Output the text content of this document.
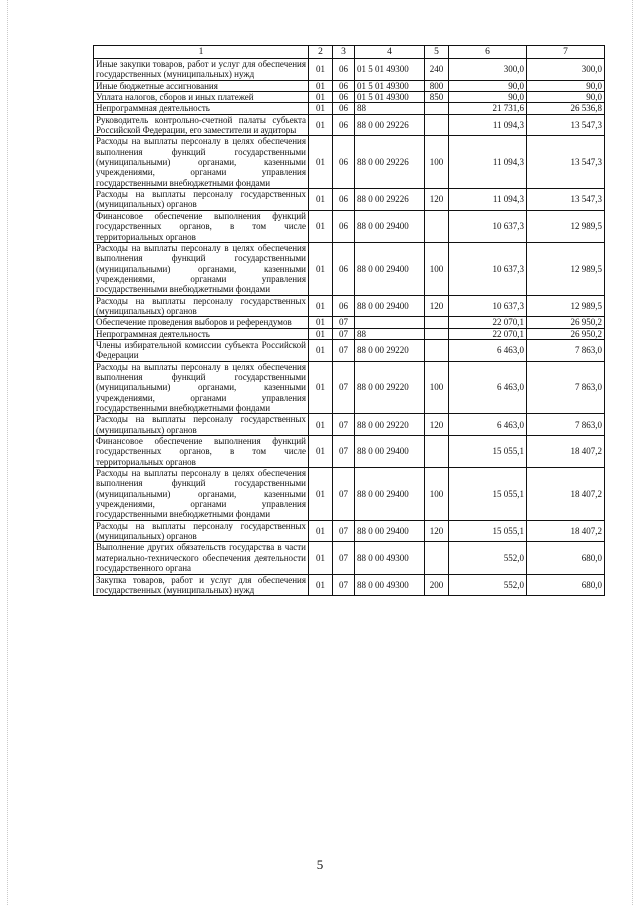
1	2	3	4	5	6	7
Иные закупки товаров, работ и услуг для обеспечения государственных (муниципальных) нужд	01	06	01 5 01 49300	240	300,0	300,0
Иные бюджетные ассигнования	01	06	01 5 01 49300	800	90,0	90,0
Уплата налогов, сборов и иных платежей	01	06	01 5 01 49300	850	90,0	90,0
Непрограммная деятельность	01	06	88		21 731,6	26 536,8
Руководитель контрольно-счетной палаты субъекта Российской Федерации, его заместители и аудиторы	01	06	88 0 00 29226		11 094,3	13 547,3
Расходы на выплаты персоналу в целях обеспечения выполнения функций государственными (муниципальными) органами, казенными учреждениями, органами управления государственными внебюджетными фондами	01	06	88 0 00 29226	100	11 094,3	13 547,3
Расходы на выплаты персоналу государственных (муниципальных) органов	01	06	88 0 00 29226	120	11 094,3	13 547,3
Финансовое обеспечение выполнения функций государственных органов, в том числе территориальных органов	01	06	88 0 00 29400		10 637,3	12 989,5
Расходы на выплаты персоналу в целях обеспечения выполнения функций государственными (муниципальными) органами, казенными учреждениями, органами управления государственными внебюджетными фондами	01	06	88 0 00 29400	100	10 637,3	12 989,5
Расходы на выплаты персоналу государственных (муниципальных) органов	01	06	88 0 00 29400	120	10 637,3	12 989,5
Обеспечение проведения выборов и референдумов	01	07			22 070,1	26 950,2
Непрограммная деятельность	01	07	88		22 070,1	26 950,2
Члены избирательной комиссии субъекта Российской Федерации	01	07	88 0 00 29220		6 463,0	7 863,0
Расходы на выплаты персоналу в целях обеспечения выполнения функций государственными (муниципальными) органами, казенными учреждениями, органами управления государственными внебюджетными фондами	01	07	88 0 00 29220	100	6 463,0	7 863,0
Расходы на выплаты персоналу государственных (муниципальных) органов	01	07	88 0 00 29220	120	6 463,0	7 863,0
Финансовое обеспечение выполнения функций государственных органов, в том числе территориальных органов	01	07	88 0 00 29400		15 055,1	18 407,2
Расходы на выплаты персоналу в целях обеспечения выполнения функций государственными (муниципальными) органами, казенными учреждениями, органами управления государственными внебюджетными фондами	01	07	88 0 00 29400	100	15 055,1	18 407,2
Расходы на выплаты персоналу государственных (муниципальных) органов	01	07	88 0 00 29400	120	15 055,1	18 407,2
Выполнение других обязательств государства в части материально-технического обеспечения деятельности государственного органа	01	07	88 0 00 49300		552,0	680,0
Закупка товаров, работ и услуг для обеспечения государственных (муниципальных) нужд	01	07	88 0 00 49300	200	552,0	680,0
5
